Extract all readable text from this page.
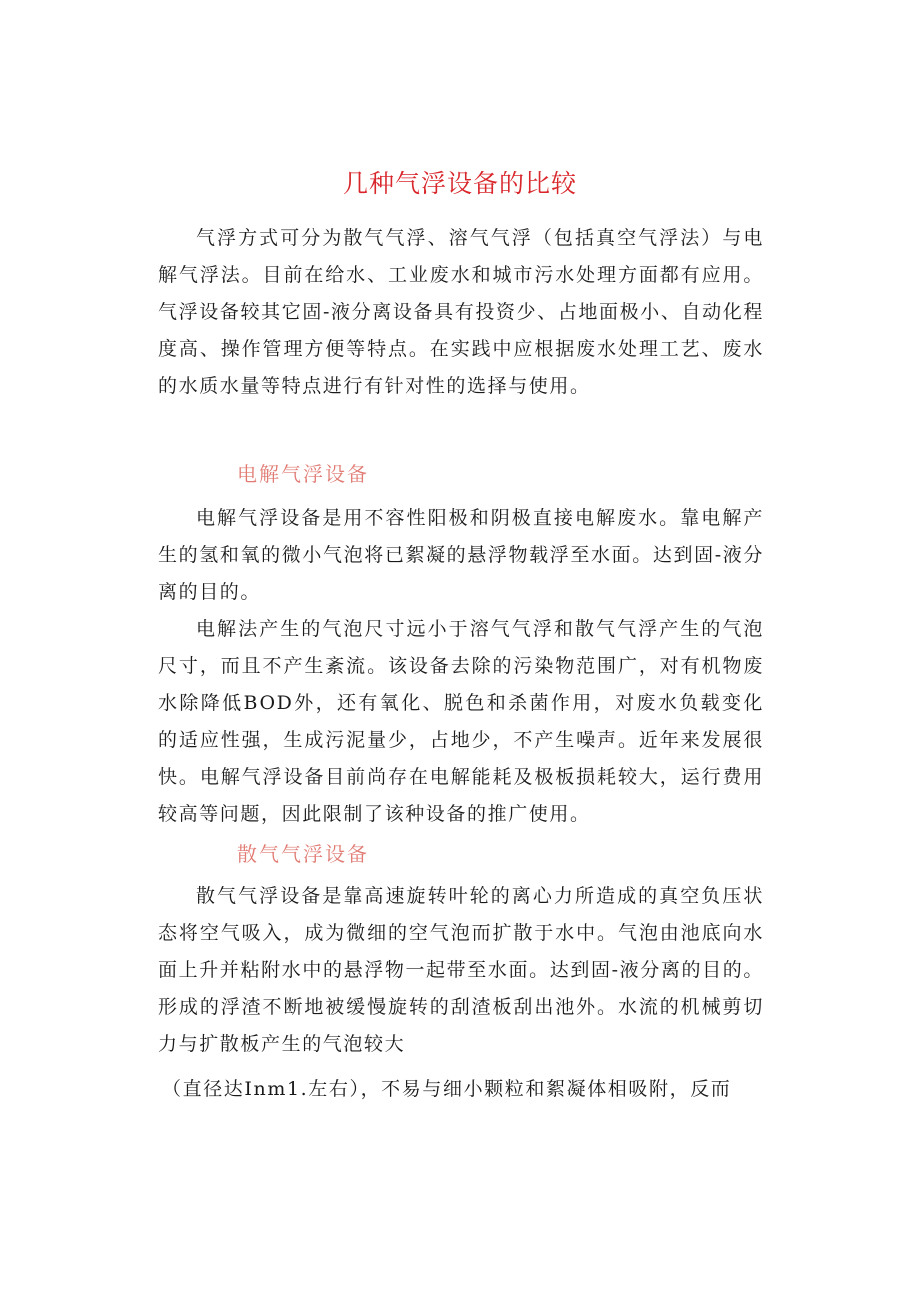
几种气浮设备的比较

气浮方式可分为散气气浮、溶气气浮（包括真空气浮法）与电解气浮法。目前在给水、工业废水和城市污水处理方面都有应用。气浮设备较其它固-液分离设备具有投资少、占地面极小、自动化程度高、操作管理方便等特点。在实践中应根据废水处理工艺、废水的水质水量等特点进行有针对性的选择与使用。

电解气浮设备

电解气浮设备是用不容性阳极和阴极直接电解废水。靠电解产生的氢和氧的微小气泡将已絮凝的悬浮物载浮至水面。达到固-液分离的目的。

电解法产生的气泡尺寸远小于溶气气浮和散气气浮产生的气泡尺寸，而且不产生紊流。该设备去除的污染物范围广，对有机物废水除降低BOD外，还有氧化、脱色和杀菌作用，对废水负载变化的适应性强，生成污泥量少，占地少，不产生噪声。近年来发展很快。电解气浮设备目前尚存在电解能耗及极板损耗较大，运行费用较高等问题，因此限制了该种设备的推广使用。

散气气浮设备

散气气浮设备是靠高速旋转叶轮的离心力所造成的真空负压状态将空气吸入，成为微细的空气泡而扩散于水中。气泡由池底向水面上升并粘附水中的悬浮物一起带至水面。达到固-液分离的目的。形成的浮渣不断地被缓慢旋转的刮渣板刮出池外。水流的机械剪切力与扩散板产生的气泡较大

（直径达Inm1.左右），不易与细小颗粒和絮凝体相吸附，反而
